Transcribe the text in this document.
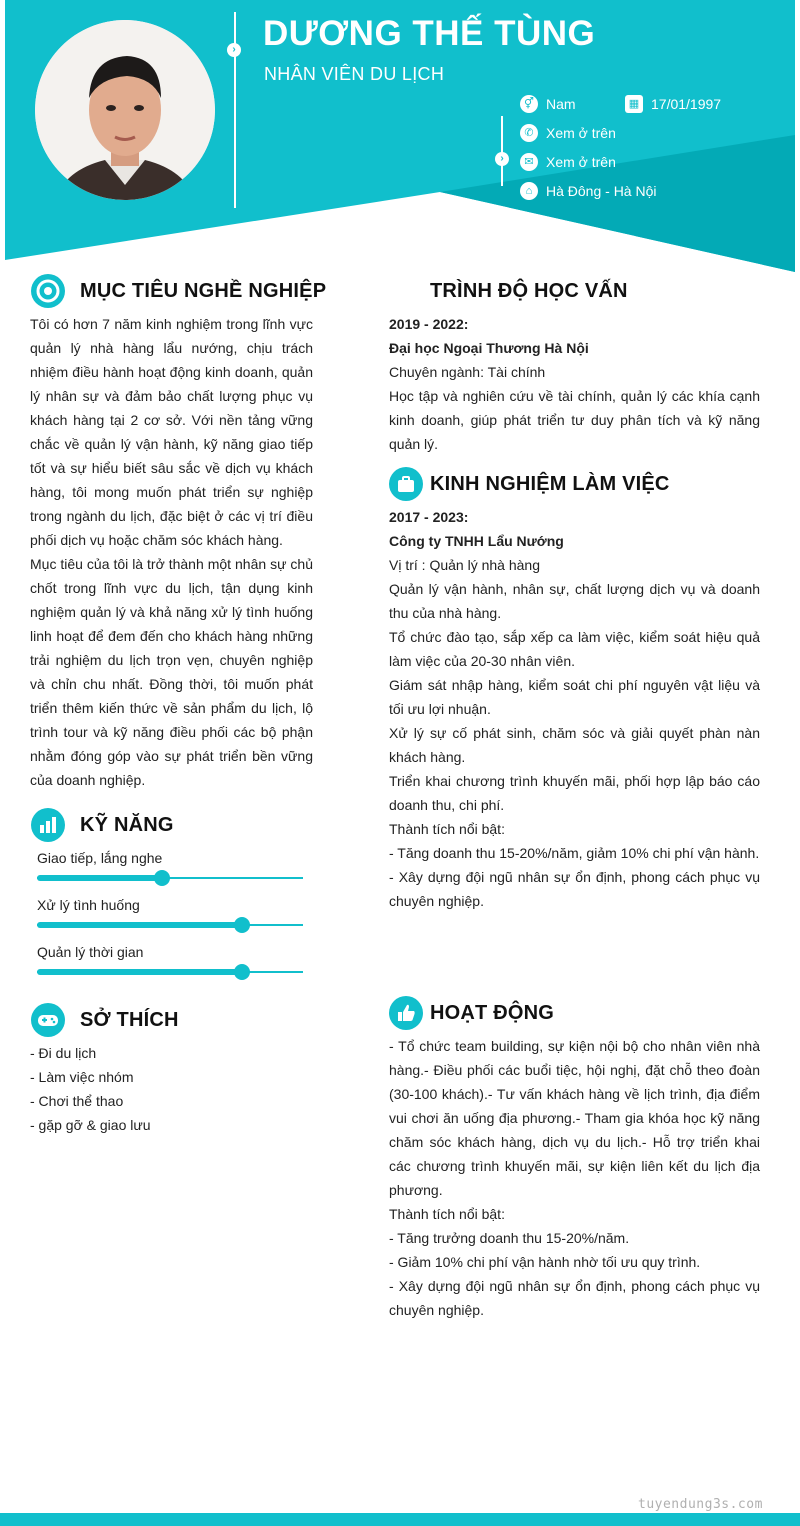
› DƯƠNG THẾ TÙNG
NHÂN VIÊN DU LỊCH
›
⚥ Nam	▦ 17/01/1997
✆ Xem ở trên
✉ Xem ở trên
⌂ Hà Đông - Hà Nội
MỤC TIÊU NGHỀ NGHIỆP

Tôi có hơn 7 năm kinh nghiệm trong lĩnh vực quản lý nhà hàng lẩu nướng, chịu trách nhiệm điều hành hoạt động kinh doanh, quản lý nhân sự và đảm bảo chất lượng phục vụ khách hàng tại 2 cơ sở. Với nền tảng vững chắc về quản lý vận hành, kỹ năng giao tiếp tốt và sự hiểu biết sâu sắc về dịch vụ khách hàng, tôi mong muốn phát triển sự nghiệp trong ngành du lịch, đặc biệt ở các vị trí điều phối dịch vụ hoặc chăm sóc khách hàng.

Mục tiêu của tôi là trở thành một nhân sự chủ chốt trong lĩnh vực du lịch, tận dụng kinh nghiệm quản lý và khả năng xử lý tình huống linh hoạt để đem đến cho khách hàng những trải nghiệm du lịch trọn vẹn, chuyên nghiệp và chỉn chu nhất. Đồng thời, tôi muốn phát triển thêm kiến thức về sản phẩm du lịch, lộ trình tour và kỹ năng điều phối các bộ phận nhằm đóng góp vào sự phát triển bền vững của doanh nghiệp.

KỸ NĂNG
Giao tiếp, lắng nghe
Xử lý tình huống
Quản lý thời gian
SỞ THÍCH

- Đi du lịch

- Làm việc nhóm

- Chơi thể thao

- gặp gỡ & giao lưu

TRÌNH ĐỘ HỌC VẤN

2019 - 2022:

Đại học Ngoại Thương Hà Nội

Chuyên ngành: Tài chính

Học tập và nghiên cứu về tài chính, quản lý các khía cạnh kinh doanh, giúp phát triển tư duy phân tích và kỹ năng quản lý.

KINH NGHIỆM LÀM VIỆC

2017 - 2023:

Công ty TNHH Lẩu Nướng

Vị trí : Quản lý nhà hàng

Quản lý vận hành, nhân sự, chất lượng dịch vụ và doanh thu của nhà hàng.

Tổ chức đào tạo, sắp xếp ca làm việc, kiểm soát hiệu quả làm việc của 20-30 nhân viên.

Giám sát nhập hàng, kiểm soát chi phí nguyên vật liệu và tối ưu lợi nhuận.

Xử lý sự cố phát sinh, chăm sóc và giải quyết phàn nàn khách hàng.

Triển khai chương trình khuyến mãi, phối hợp lập báo cáo doanh thu, chi phí.

Thành tích nổi bật:

- Tăng doanh thu 15-20%/năm, giảm 10% chi phí vận hành.

- Xây dựng đội ngũ nhân sự ổn định, phong cách phục vụ chuyên nghiệp.

HOẠT ĐỘNG

- Tổ chức team building, sự kiện nội bộ cho nhân viên nhà hàng.- Điều phối các buổi tiệc, hội nghị, đặt chỗ theo đoàn (30-100 khách).- Tư vấn khách hàng về lịch trình, địa điểm vui chơi ăn uống địa phương.- Tham gia khóa học kỹ năng chăm sóc khách hàng, dịch vụ du lịch.- Hỗ trợ triển khai các chương trình khuyến mãi, sự kiện liên kết du lịch địa phương.

Thành tích nổi bật:

- Tăng trưởng doanh thu 15-20%/năm.

- Giảm 10% chi phí vận hành nhờ tối ưu quy trình.

- Xây dựng đội ngũ nhân sự ổn định, phong cách phục vụ chuyên nghiệp.

tuyendung3s.com
